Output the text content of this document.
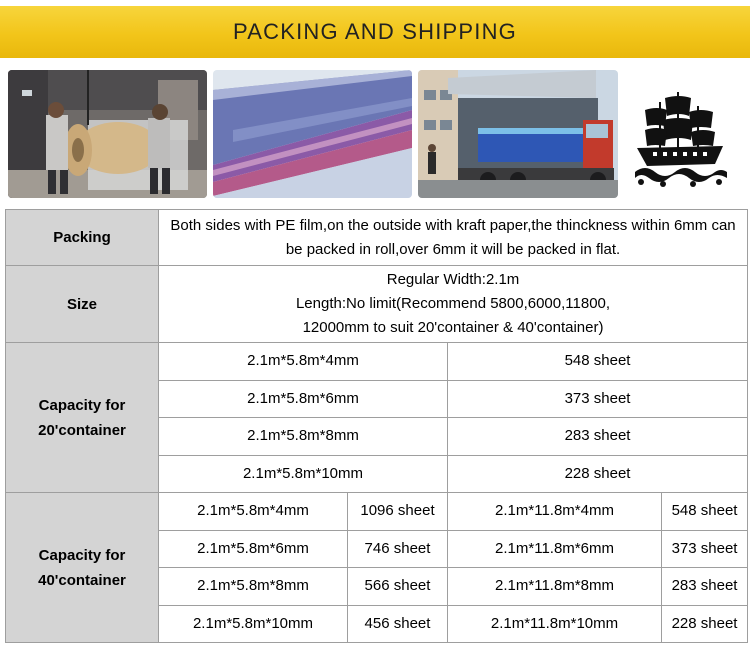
PACKING AND SHIPPING
Packing	Both sides with PE film,on the outside with kraft paper,the thinckness within 6mm can
be packed in roll,over 6mm it will be packed in flat.			

Size	Regular Width:2.1m
Length:No limit(Recommend 5800,6000,11800,
12000mm to suit 20'container & 40'container)			

Capacity for
20'container	2.1m*5.8m*4mm		548 sheet	
	2.1m*5.8m*6mm		373 sheet	
	2.1m*5.8m*8mm		283 sheet	
	2.1m*5.8m*10mm		228 sheet	

Capacity for
40'container	2.1m*5.8m*4mm	1096 sheet	2.1m*11.8m*4mm	548 sheet
	2.1m*5.8m*6mm	746 sheet	2.1m*11.8m*6mm	373 sheet
	2.1m*5.8m*8mm	566 sheet	2.1m*11.8m*8mm	283 sheet
	2.1m*5.8m*10mm	456 sheet	2.1m*11.8m*10mm	228 sheet
